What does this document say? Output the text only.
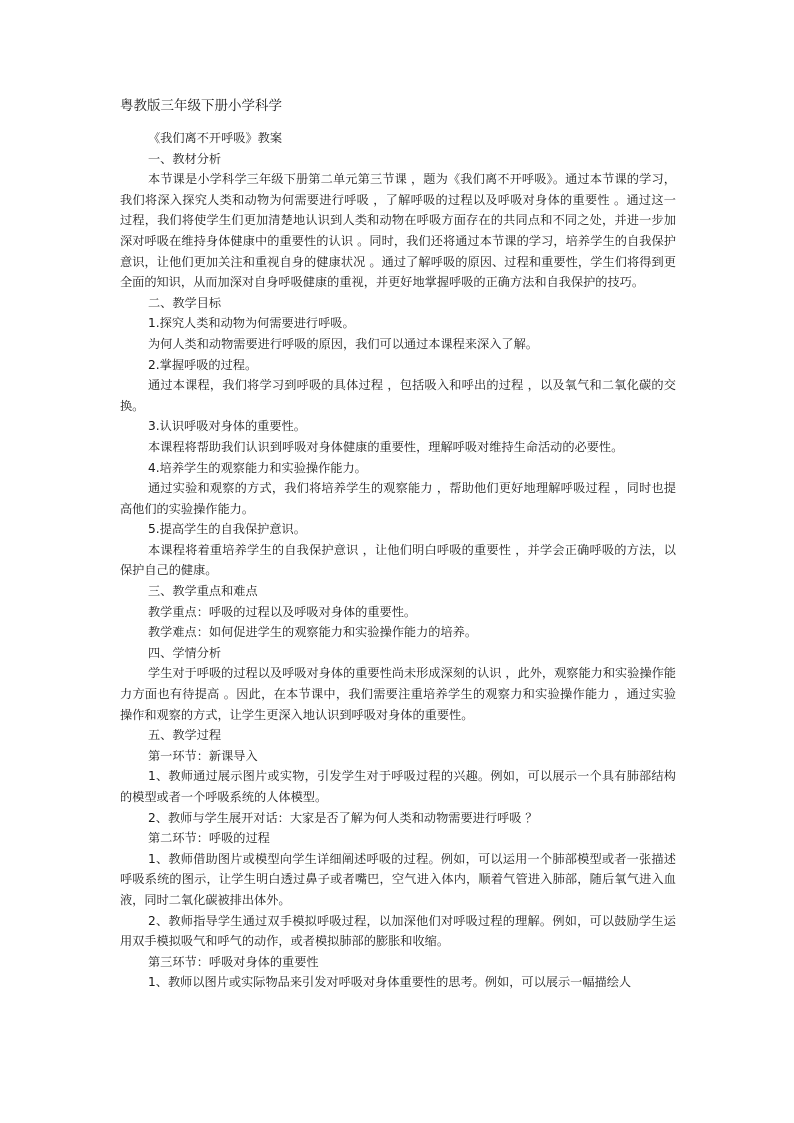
粤教版三年级下册小学科学

《我们离不开呼吸》教案

一、教材分析

本节课是小学科学三年级下册第二单元第三节课 ，题为《我们离不开呼吸》。通过本节课的学习，我们将深入探究人类和动物为何需要进行呼吸 ，了解呼吸的过程以及呼吸对身体的重要性 。通过这一过程，我们将使学生们更加清楚地认识到人类和动物在呼吸方面存在的共同点和不同之处，并进一步加深对呼吸在维持身体健康中的重要性的认识 。同时，我们还将通过本节课的学习，培养学生的自我保护意识，让他们更加关注和重视自身的健康状况 。通过了解呼吸的原因、过程和重要性，学生们将得到更全面的知识，从而加深对自身呼吸健康的重视，并更好地掌握呼吸的正确方法和自我保护的技巧。

二、教学目标

1.探究人类和动物为何需要进行呼吸。

为何人类和动物需要进行呼吸的原因，我们可以通过本课程来深入了解。

2.掌握呼吸的过程。

通过本课程，我们将学习到呼吸的具体过程 ，包括吸入和呼出的过程 ，以及氧气和二氧化碳的交换。

3.认识呼吸对身体的重要性。

本课程将帮助我们认识到呼吸对身体健康的重要性，理解呼吸对维持生命活动的必要性。

4.培养学生的观察能力和实验操作能力。

通过实验和观察的方式，我们将培养学生的观察能力 ，帮助他们更好地理解呼吸过程 ，同时也提高他们的实验操作能力。

5.提高学生的自我保护意识。

本课程将着重培养学生的自我保护意识 ，让他们明白呼吸的重要性 ，并学会正确呼吸的方法，以保护自己的健康。

三、教学重点和难点

教学重点：呼吸的过程以及呼吸对身体的重要性。

教学难点：如何促进学生的观察能力和实验操作能力的培养。

四、学情分析

学生对于呼吸的过程以及呼吸对身体的重要性尚未形成深刻的认识 ，此外，观察能力和实验操作能力方面也有待提高 。因此，在本节课中，我们需要注重培养学生的观察力和实验操作能力 ，通过实验操作和观察的方式，让学生更深入地认识到呼吸对身体的重要性。

五、教学过程

第一环节：新课导入

1、教师通过展示图片或实物，引发学生对于呼吸过程的兴趣。例如，可以展示一个具有肺部结构的模型或者一个呼吸系统的人体模型。

2、教师与学生展开对话：大家是否了解为何人类和动物需要进行呼吸 ？

第二环节：呼吸的过程

1、教师借助图片或模型向学生详细阐述呼吸的过程。例如，可以运用一个肺部模型或者一张描述呼吸系统的图示，让学生明白透过鼻子或者嘴巴，空气进入体内，顺着气管进入肺部，随后氧气进入血液，同时二氧化碳被排出体外。

2、教师指导学生通过双手模拟呼吸过程，以加深他们对呼吸过程的理解。例如，可以鼓励学生运用双手模拟吸气和呼气的动作，或者模拟肺部的膨胀和收缩。

第三环节：呼吸对身体的重要性

1、教师以图片或实际物品来引发对呼吸对身体重要性的思考。例如，可以展示一幅描绘人
